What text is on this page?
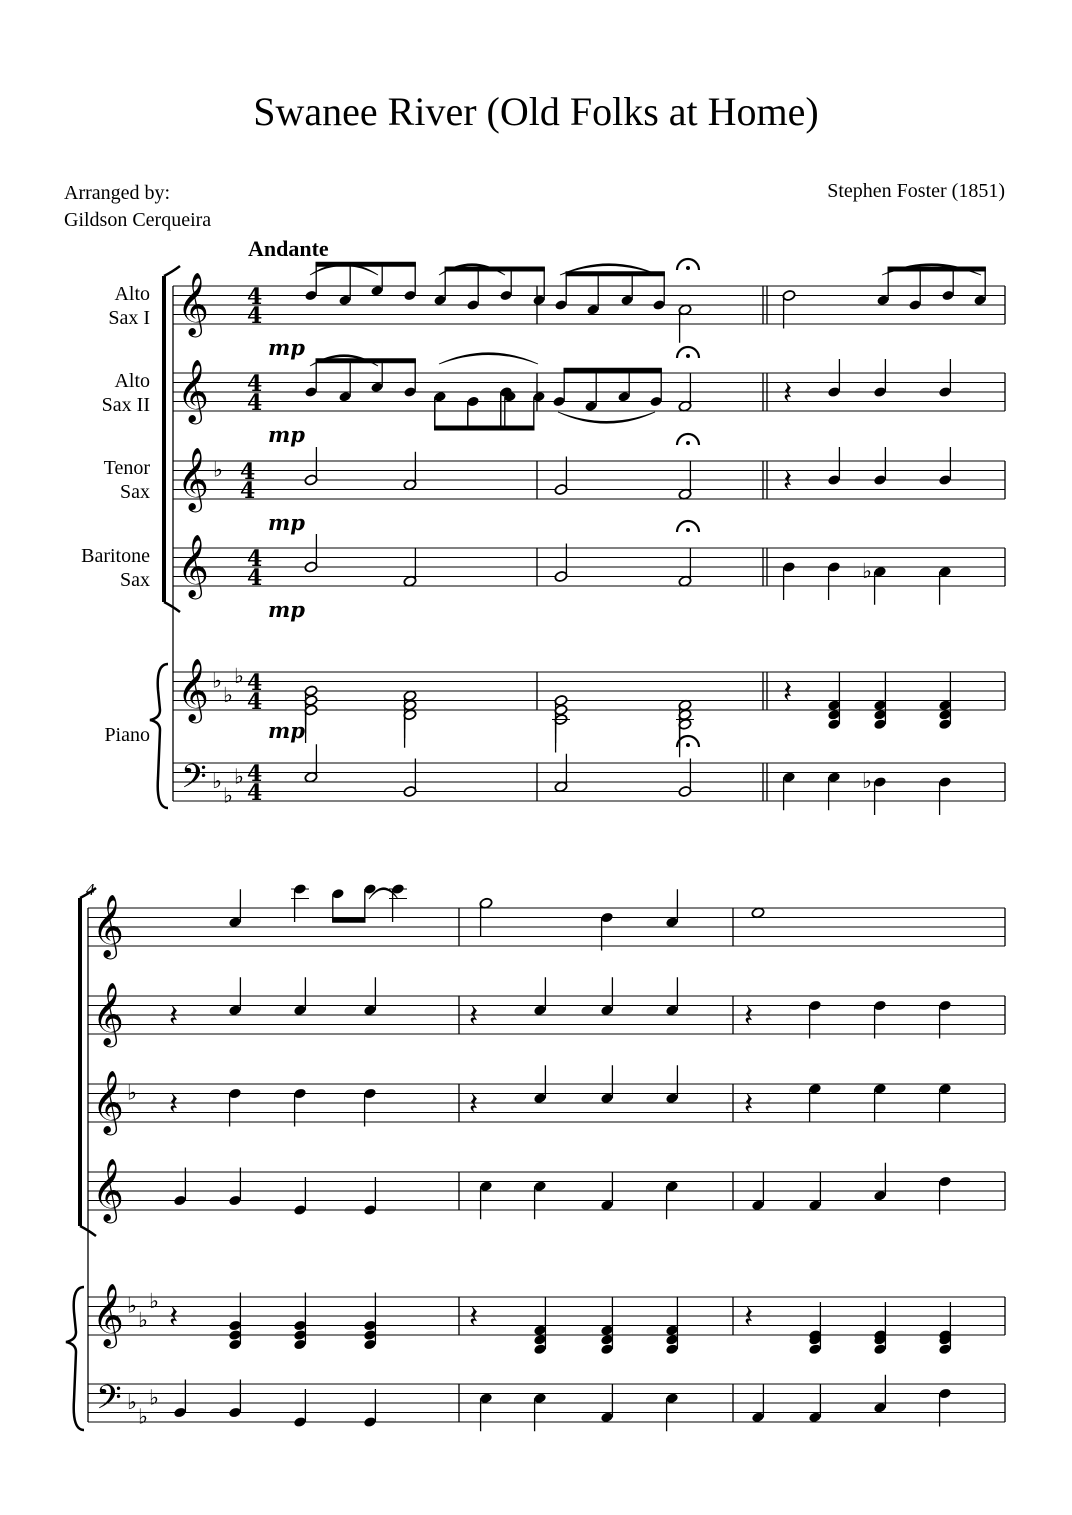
Swanee River (Old Folks at Home)
Arranged by:
Gildson Cerqueira
Stephen Foster (1851)
Andante
Alto
Sax I
Alto
Sax II
Tenor
Sax
Baritone
Sax
Piano
4
𝄞
𝄞
𝄞
𝄞
𝄞
𝄢
♭
♭
♭
♭
♭
♭
♭
4
4
4
4
4
4
4
4
4
4
4
4
𝄽
mp
𝄽
mp
♭
mp
mp
mp
𝄽
♭
𝄞
𝄞
𝄞
𝄞
𝄞
𝄢
♭
♭
♭
♭
♭
♭
♭
𝄽	𝄽	𝄽
𝄽	𝄽	𝄽
𝄽	𝄽	𝄽
